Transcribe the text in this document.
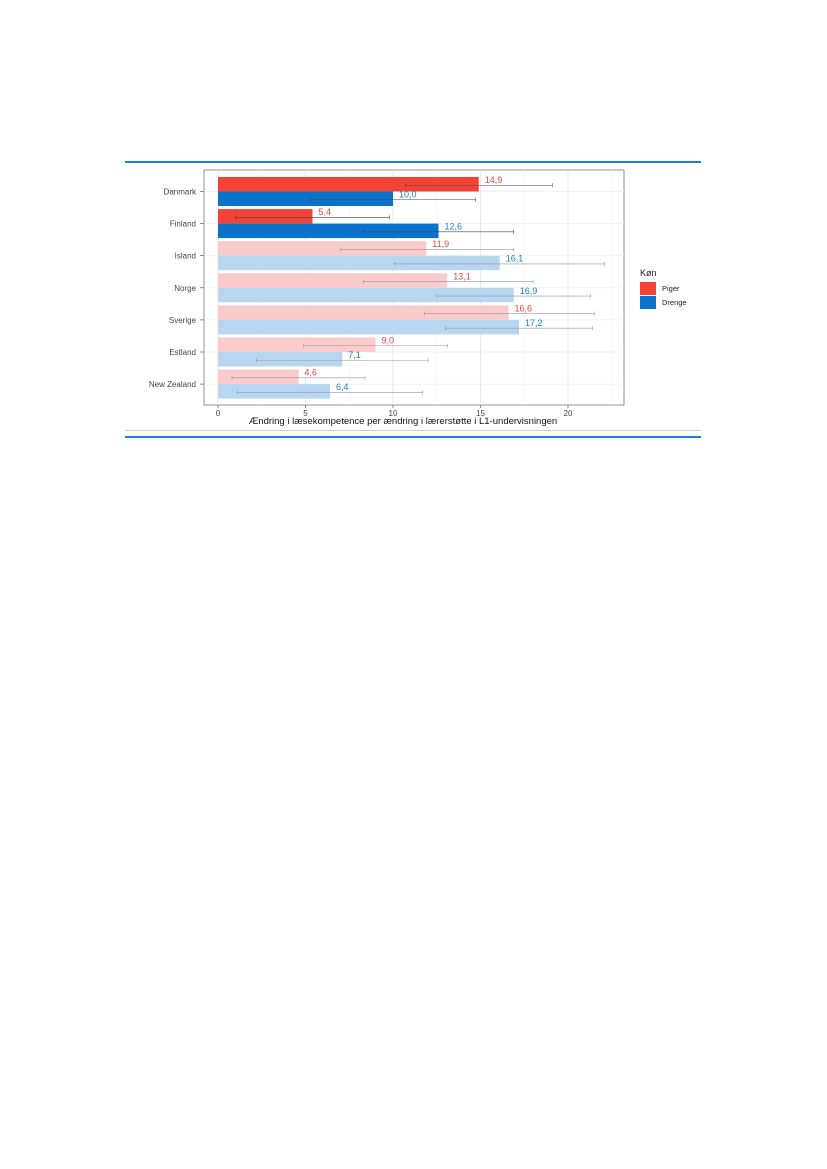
14,9
10,0
5,4
12,6
11,9
16,1
13,1
16,9
16,6
17,2
9,0
7,1
4,6
6,4
Danmark
Finland
Island
Norge
Sverige
Estland
New Zealand
0	5	10	15	20
Ændring i læsekompetence per ændring i lærerstøtte i L1-undervisningen
Køn
Piger
Drenge
